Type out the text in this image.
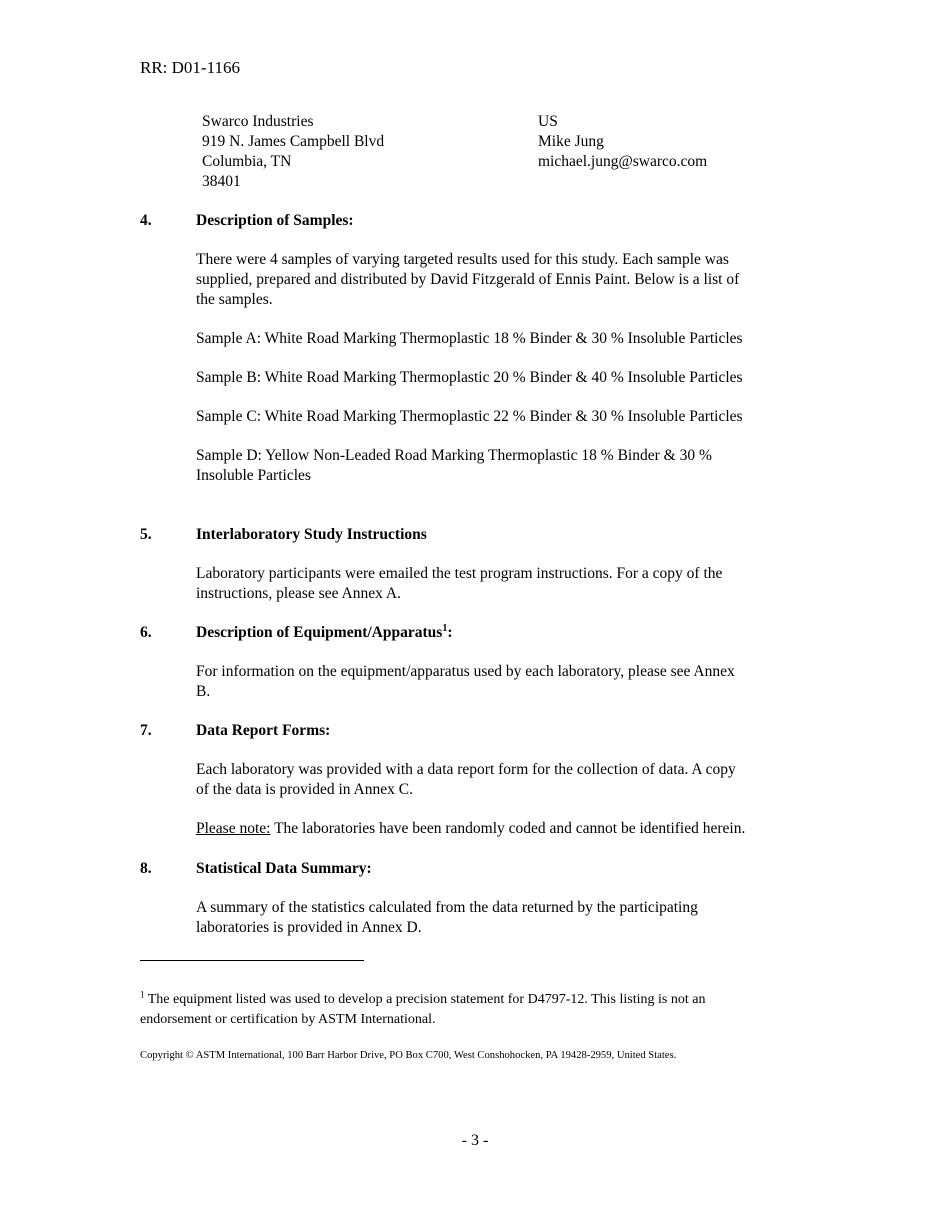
RR: D01-1166
Swarco Industries
919 N. James Campbell Blvd
Columbia, TN
38401
US
Mike Jung
michael.jung@swarco.com
4.	Description of Samples:
There were 4 samples of varying targeted results used for this study. Each sample was
supplied, prepared and distributed by David Fitzgerald of Ennis Paint. Below is a list of
the samples.
Sample A: White Road Marking Thermoplastic 18 % Binder & 30 % Insoluble Particles
Sample B: White Road Marking Thermoplastic 20 % Binder & 40 % Insoluble Particles
Sample C: White Road Marking Thermoplastic 22 % Binder & 30 % Insoluble Particles
Sample D: Yellow Non-Leaded Road Marking Thermoplastic 18 % Binder & 30 %
Insoluble Particles
5.	Interlaboratory Study Instructions
Laboratory participants were emailed the test program instructions. For a copy of the
instructions, please see Annex A.
6.	Description of Equipment/Apparatus$^1$:
For information on the equipment/apparatus used by each laboratory, please see Annex
B.
7.	Data Report Forms:
Each laboratory was provided with a data report form for the collection of data. A copy
of the data is provided in Annex C.
Please note: The laboratories have been randomly coded and cannot be identified herein.
8.	Statistical Data Summary:
A summary of the statistics calculated from the data returned by the participating
laboratories is provided in Annex D.
$^1$ The equipment listed was used to develop a precision statement for D4797-12. This listing is not an
endorsement or certification by ASTM International.
Copyright © ASTM International, 100 Barr Harbor Drive, PO Box C700, West Conshohocken, PA 19428-2959, United States.
- 3 -
